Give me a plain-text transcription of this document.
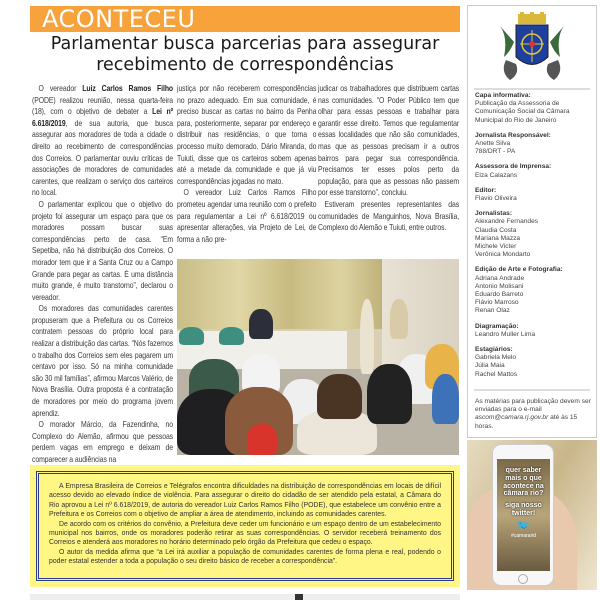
ACONTECEU
Parlamentar busca parcerias para assegurar
recebimento de correspondências

O vereador Luiz Carlos Ramos Filho (PODE) realizou reunião, nessa quarta-feira (18), com o objetivo de debater a Lei nº 6.618/2019, de sua autoria, que busca assegurar aos moradores de toda a cidade o direito ao recebimento de correspondências dos Correios. O parlamentar ouviu críticas de associações de moradores de comunidades carentes, que realizam o serviço dos carteiros no local.

O parlamentar explicou que o objetivo do projeto foi assegurar um espaço para que os moradores possam buscar suas correspondências perto de casa. “Em Sepetiba, não há distribuição dos Correios. O morador tem que ir a Santa Cruz ou a Campo Grande para pegar as cartas. É uma distância muito grande, é muito transtorno”, declarou o vereador.

Os moradores das comunidades carentes propuseram que a Prefeitura ou os Correios contratem pessoas do próprio local para realizar a distribuição das cartas. “Nós fazemos o trabalho dos Correios sem eles pagarem um centavo por isso. Só na minha comunidade são 30 mil famílias”, afirmou Marcos Valério, de Nova Brasília. Outra proposta é a contratação de moradores por meio do programa jovem aprendiz.

O morador Márcio, da Fazendinha, no Complexo do Alemão, afirmou que pessoas perdem vagas em emprego e deixam de comparecer a audiências na

justiça por não receberem correspondências no prazo adequado. Em sua comunidade, é preciso buscar as cartas no bairro da Penha para, posteriormente, separar por endereço e distribuir nas residências, o que torna o processo muito demorado. Dário Miranda, do Tuiuti, disse que os carteiros sobem apenas até a metade da comunidade e que já viu correspondências jogadas no mato.

O vereador Luiz Carlos Ramos Filho prometeu agendar uma reunião com o prefeito para regulamentar a Lei nº 6.618/2019 ou apresentar alterações, via Projeto de Lei, de forma a não pre-

judicar os trabalhadores que distribuem cartas nas comunidades. “O Poder Público tem que olhar para essas pessoas e trabalhar para garantir esse direito. Temos que regulamentar essas localidades que não são comunidades, mas que as pessoas precisam ir a outros bairros para pegar sua correspondência. Precisamos ter esses polos perto da população, para que as pessoas não passem por esse transtorno”, concluiu.

Estiveram presentes representantes das comunidades de Manguinhos, Nova Brasília, Complexo do Alemão e Tuiuti, entre outros.

A Empresa Brasileira de Correios e Telégrafos encontra dificuldades na distribuição de correspondências em locais de difícil acesso devido ao elevado índice de violência. Para assegurar o direito do cidadão de ser atendido pela estatal, a Câmara do Rio aprovou a Lei nº 6.618/2019, de autoria do vereador Luiz Carlos Ramos Filho (PODE), que estabelece um convênio entre a Prefeitura e os Correios com o objetivo de ampliar a área de atendimento, incluindo as comunidades carentes.

De acordo com os critérios do convênio, a Prefeitura deve ceder um funcionário e um espaço dentro de um estabelecimento municipal nos bairros, onde os moradores poderão retirar as suas correspondências. O servidor receberá treinamento dos Correios e atenderá aos moradores no horário determinado pelo órgão da Prefeitura que cedeu o espaço.

O autor da medida afirma que “a Lei irá auxiliar a população de comunidades carentes de forma plena e real, podendo o poder estatal estender a toda a população o seu direito básico de receber a correspondência”.

Capa informativa:
Publicação da Assessoria de
Comunicação Social da Câmara
Municipal do Rio de Janeiro
Jornalista Responsável:
Anette Silva
788/DRT - PA
Assessora de Imprensa:
Elza Calazans
Editor:
Flavio Oliveira
Jornalistas:
Alexandre Fernandes
Claudia Costa
Mariana Mazza
Michele Victer
Verônica Mondarto
Edição de Arte e Fotografia:
Adriana Andrade
Antonio Molisani
Eduardo Barreto
Flávio Marroso
Renan Olaz
Diagramação:
Leandro Muller Lima
Estagiários:
Gabriela Melo
Júlia Maia
Rachel Mattos
As matérias para publicação devem ser enviadas para o e-mail ascom@camara.rj.gov.br até às 15 horas.
quer saber mais o que acontece na câmara rio?
siga nosso twitter!
🐦
#camararid
